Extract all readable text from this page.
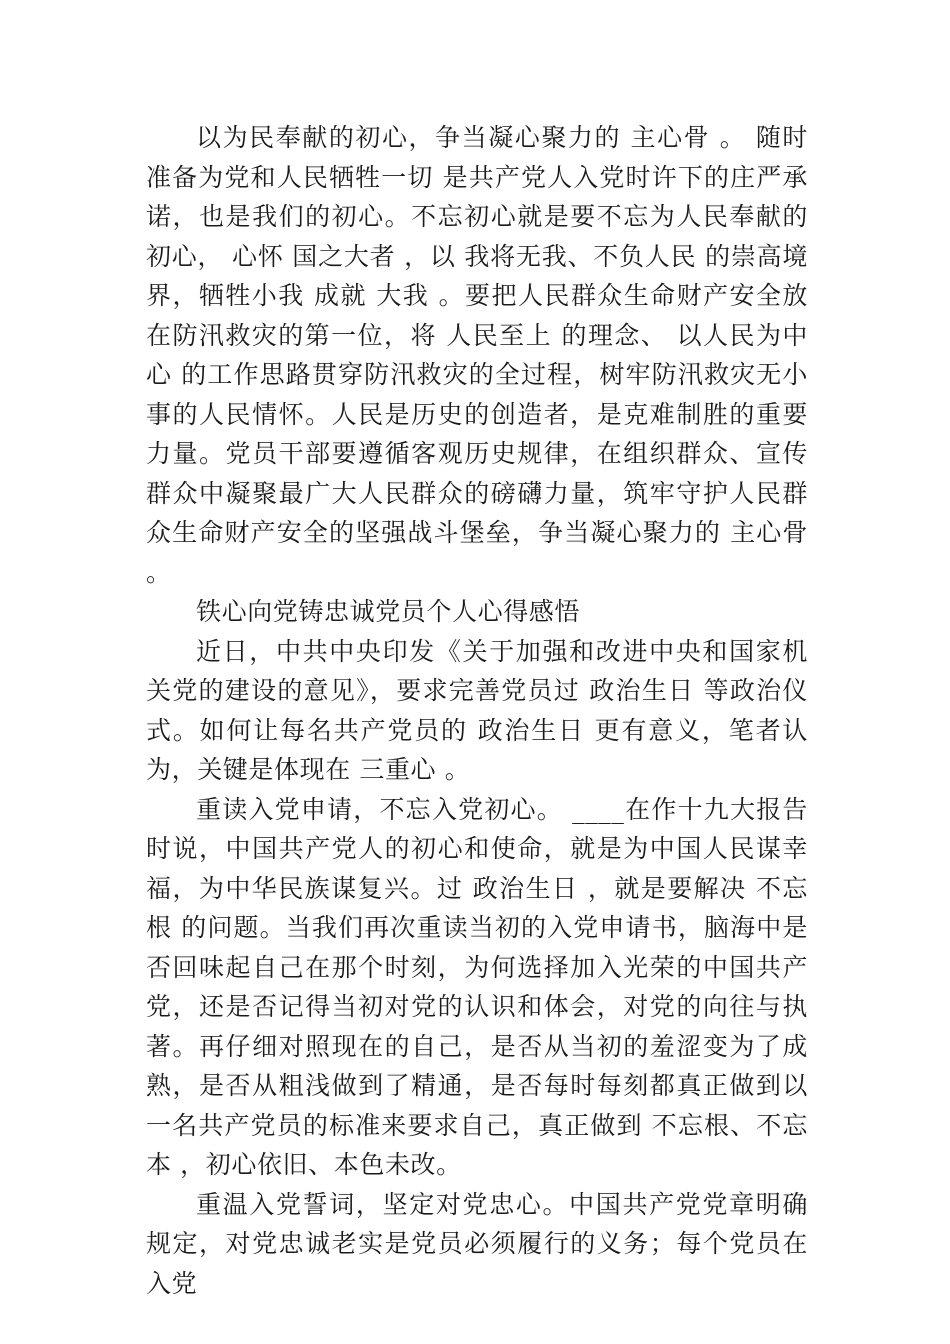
以为民奉献的初心，争当凝心聚力的 主心骨 。 随时准备为党和人民牺牲一切 是共产党人入党时许下的庄严承诺，也是我们的初心。不忘初心就是要不忘为人民奉献的初心， 心怀 国之大者 ，以 我将无我、不负人民 的崇高境界，牺牲小我 成就 大我 。要把人民群众生命财产安全放在防汛救灾的第一位，将 人民至上 的理念、 以人民为中心 的工作思路贯穿防汛救灾的全过程，树牢防汛救灾无小事的人民情怀。人民是历史的创造者，是克难制胜的重要力量。党员干部要遵循客观历史规律，在组织群众、宣传群众中凝聚最广大人民群众的磅礴力量，筑牢守护人民群众生命财产安全的坚强战斗堡垒，争当凝心聚力的 主心骨 。

铁心向党铸忠诚党员个人心得感悟

近日，中共中央印发《关于加强和改进中央和国家机关党的建设的意见》，要求完善党员过 政治生日 等政治仪式。如何让每名共产党员的 政治生日 更有意义，笔者认为，关键是体现在 三重心 。

重读入党申请，不忘入党初心。 ____在作十九大报告时说，中国共产党人的初心和使命，就是为中国人民谋幸福，为中华民族谋复兴。过 政治生日 ，就是要解决 不忘根 的问题。当我们再次重读当初的入党申请书，脑海中是否回味起自己在那个时刻，为何选择加入光荣的中国共产党，还是否记得当初对党的认识和体会，对党的向往与执著。再仔细对照现在的自己，是否从当初的羞涩变为了成熟，是否从粗浅做到了精通，是否每时每刻都真正做到以一名共产党员的标准来要求自己，真正做到 不忘根、不忘本 ，初心依旧、本色未改。

重温入党誓词，坚定对党忠心。中国共产党党章明确规定，对党忠诚老实是党员必须履行的义务；每个党员在入党
